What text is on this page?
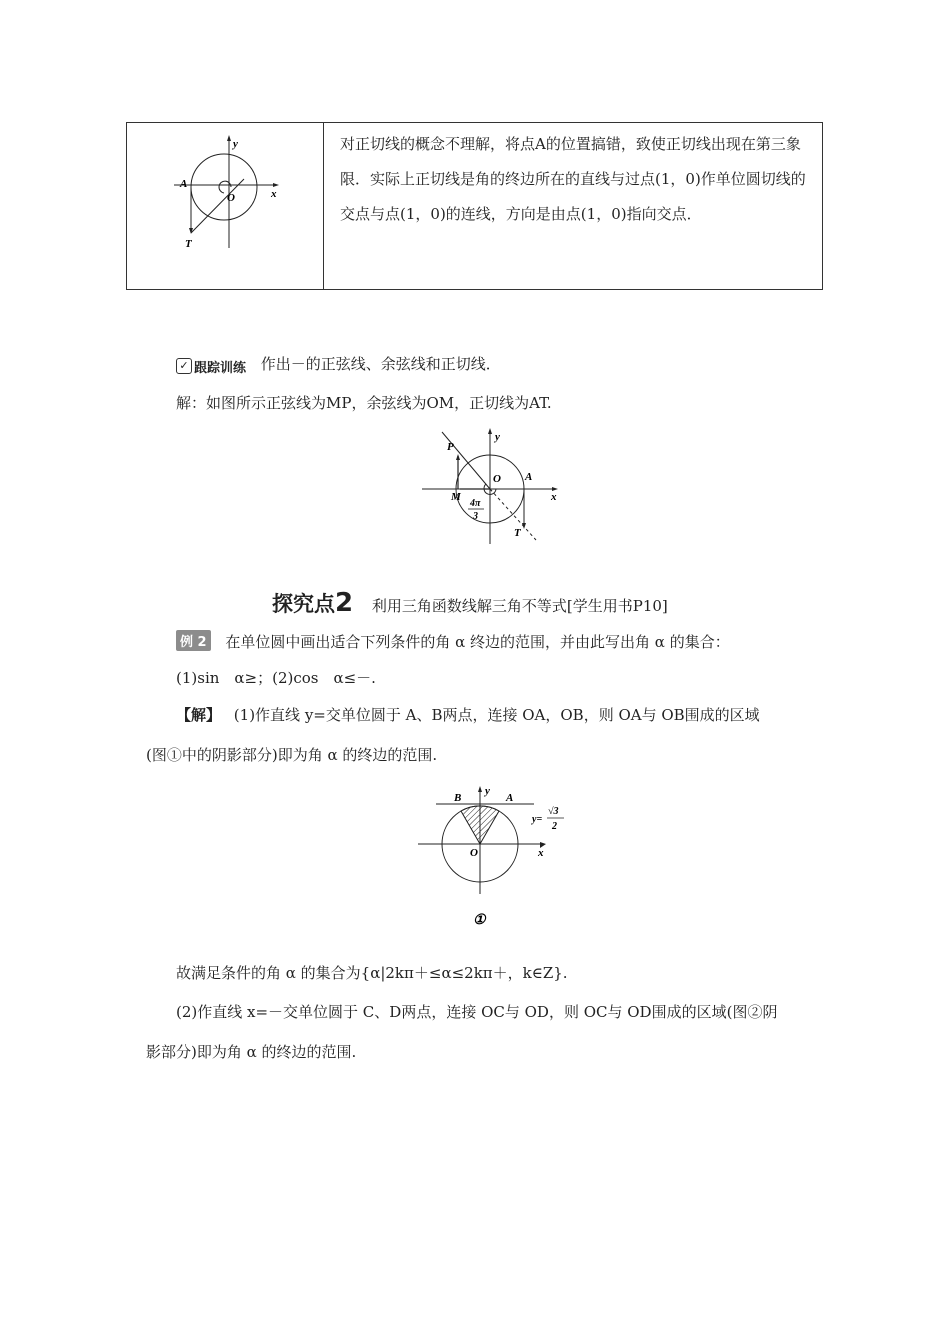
y
x
A
O
T
	对正切线的概念不理解，将点A的位置搞错，致使正切线出现在第三象限．实际上正切线是角的终边所在的直线与过点(1，0)作单位圆切线的交点与点(1，0)的连线，方向是由点(1，0)指向交点．
✓ 跟踪训练 作出－的正弦线、余弦线和正切线．
解：如图所示正弦线为MP，余弦线为OM，正切线为AT.
P
y
O A
x
M
4π
3
T
探究点2 利用三角函数线解三角不等式[学生用书P10]
例 2 在单位圆中画出适合下列条件的角 α 终边的范围，并由此写出角 α 的集合：
(1)sin　α≥；(2)cos　α≤－.
【解】 (1)作直线 y=交单位圆于 A、B两点，连接 OA，OB，则 OA与 OB围成的区域
(图①中的阴影部分)即为角 α 的终边的范围.
y
B	A
y=
√3
2
O	x
①
故满足条件的角 α 的集合为{α|2kπ＋≤α≤2kπ＋，k∈Z}.
(2)作直线 x=－交单位圆于 C、D两点，连接 OC与 OD，则 OC与 OD围成的区域(图②阴
影部分)即为角 α 的终边的范围.
